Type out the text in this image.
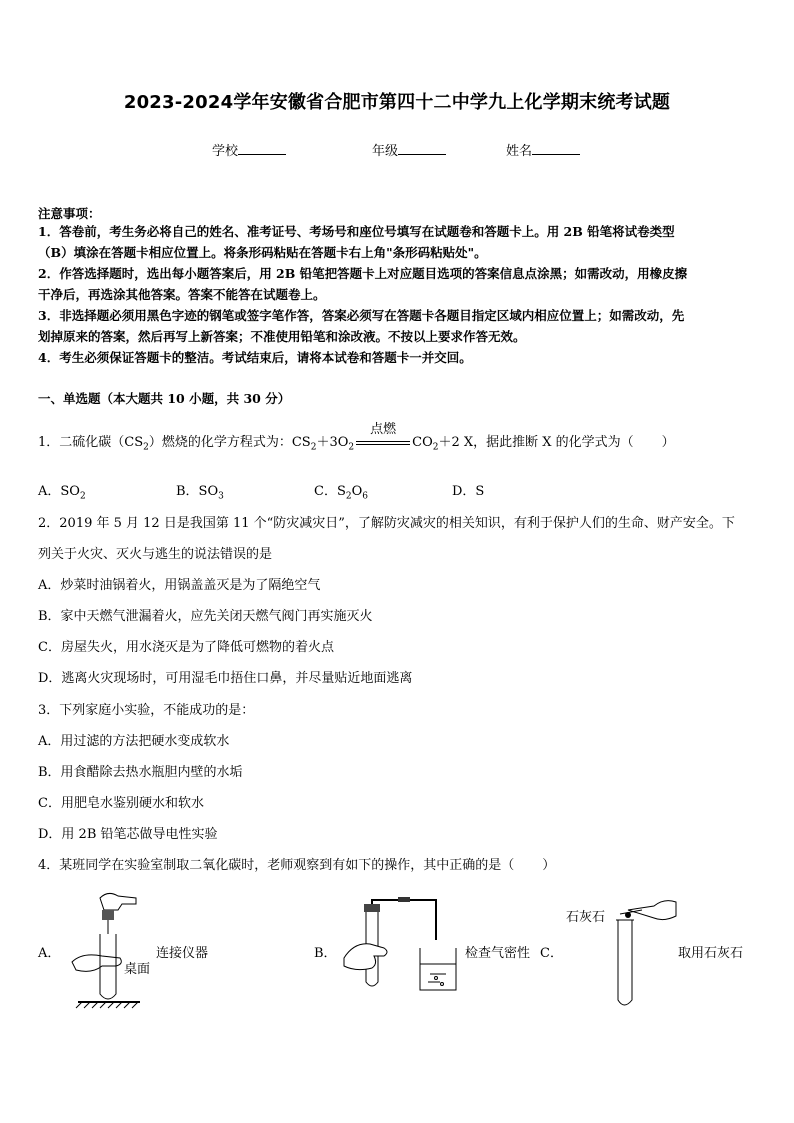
2023-2024学年安徽省合肥市第四十二中学九上化学期末统考试题
学校	年级	姓名
注意事项：
1．答卷前，考生务必将自己的姓名、准考证号、考场号和座位号填写在试题卷和答题卡上。用 2B 铅笔将试卷类型
（B）填涂在答题卡相应位置上。将条形码粘贴在答题卡右上角"条形码粘贴处"。
2．作答选择题时，选出每小题答案后，用 2B 铅笔把答题卡上对应题目选项的答案信息点涂黑；如需改动，用橡皮擦
干净后，再选涂其他答案。答案不能答在试题卷上。
3．非选择题必须用黑色字迹的钢笔或签字笔作答，答案必须写在答题卡各题目指定区域内相应位置上；如需改动，先
划掉原来的答案，然后再写上新答案；不准使用铅笔和涂改液。不按以上要求作答无效。
4．考生必须保证答题卡的整洁。考试结束后，请将本试卷和答题卡一并交回。
一、单选题（本大题共 10 小题，共 30 分）
1．二硫化碳$(CS_2)$燃烧的化学方程式为：$CS_2+3O_2$
点燃
$CO_2+2$ X，据此推断 X 的化学式为（ ）
A．$SO_2$	B．$SO_3$	C．$S_2O_6$	D．S
2．2019 年 5 月 12 日是我国第 11 个“防灾减灾日”，了解防灾减灾的相关知识，有利于保护人们的生命、财产安全。下
列关于火灾、灭火与逃生的说法错误的是
A．炒菜时油锅着火，用锅盖盖灭是为了隔绝空气
B．家中天燃气泄漏着火，应先关闭天燃气阀门再实施灭火
C．房屋失火，用水浇灭是为了降低可燃物的着火点
D．逃离火灾现场时，可用湿毛巾捂住口鼻，并尽量贴近地面逃离
3．下列家庭小实验，不能成功的是：
A．用过滤的方法把硬水变成软水
B．用食醋除去热水瓶胆内壁的水垢
C．用肥皂水鉴别硬水和软水
D．用 2B 铅笔芯做导电性实验
4．某班同学在实验室制取二氧化碳时，老师观察到有如下的操作，其中正确的是（ ）
A．	连接仪器
桌面
B．	检查气密性 C．	取用石灰石
石灰石
